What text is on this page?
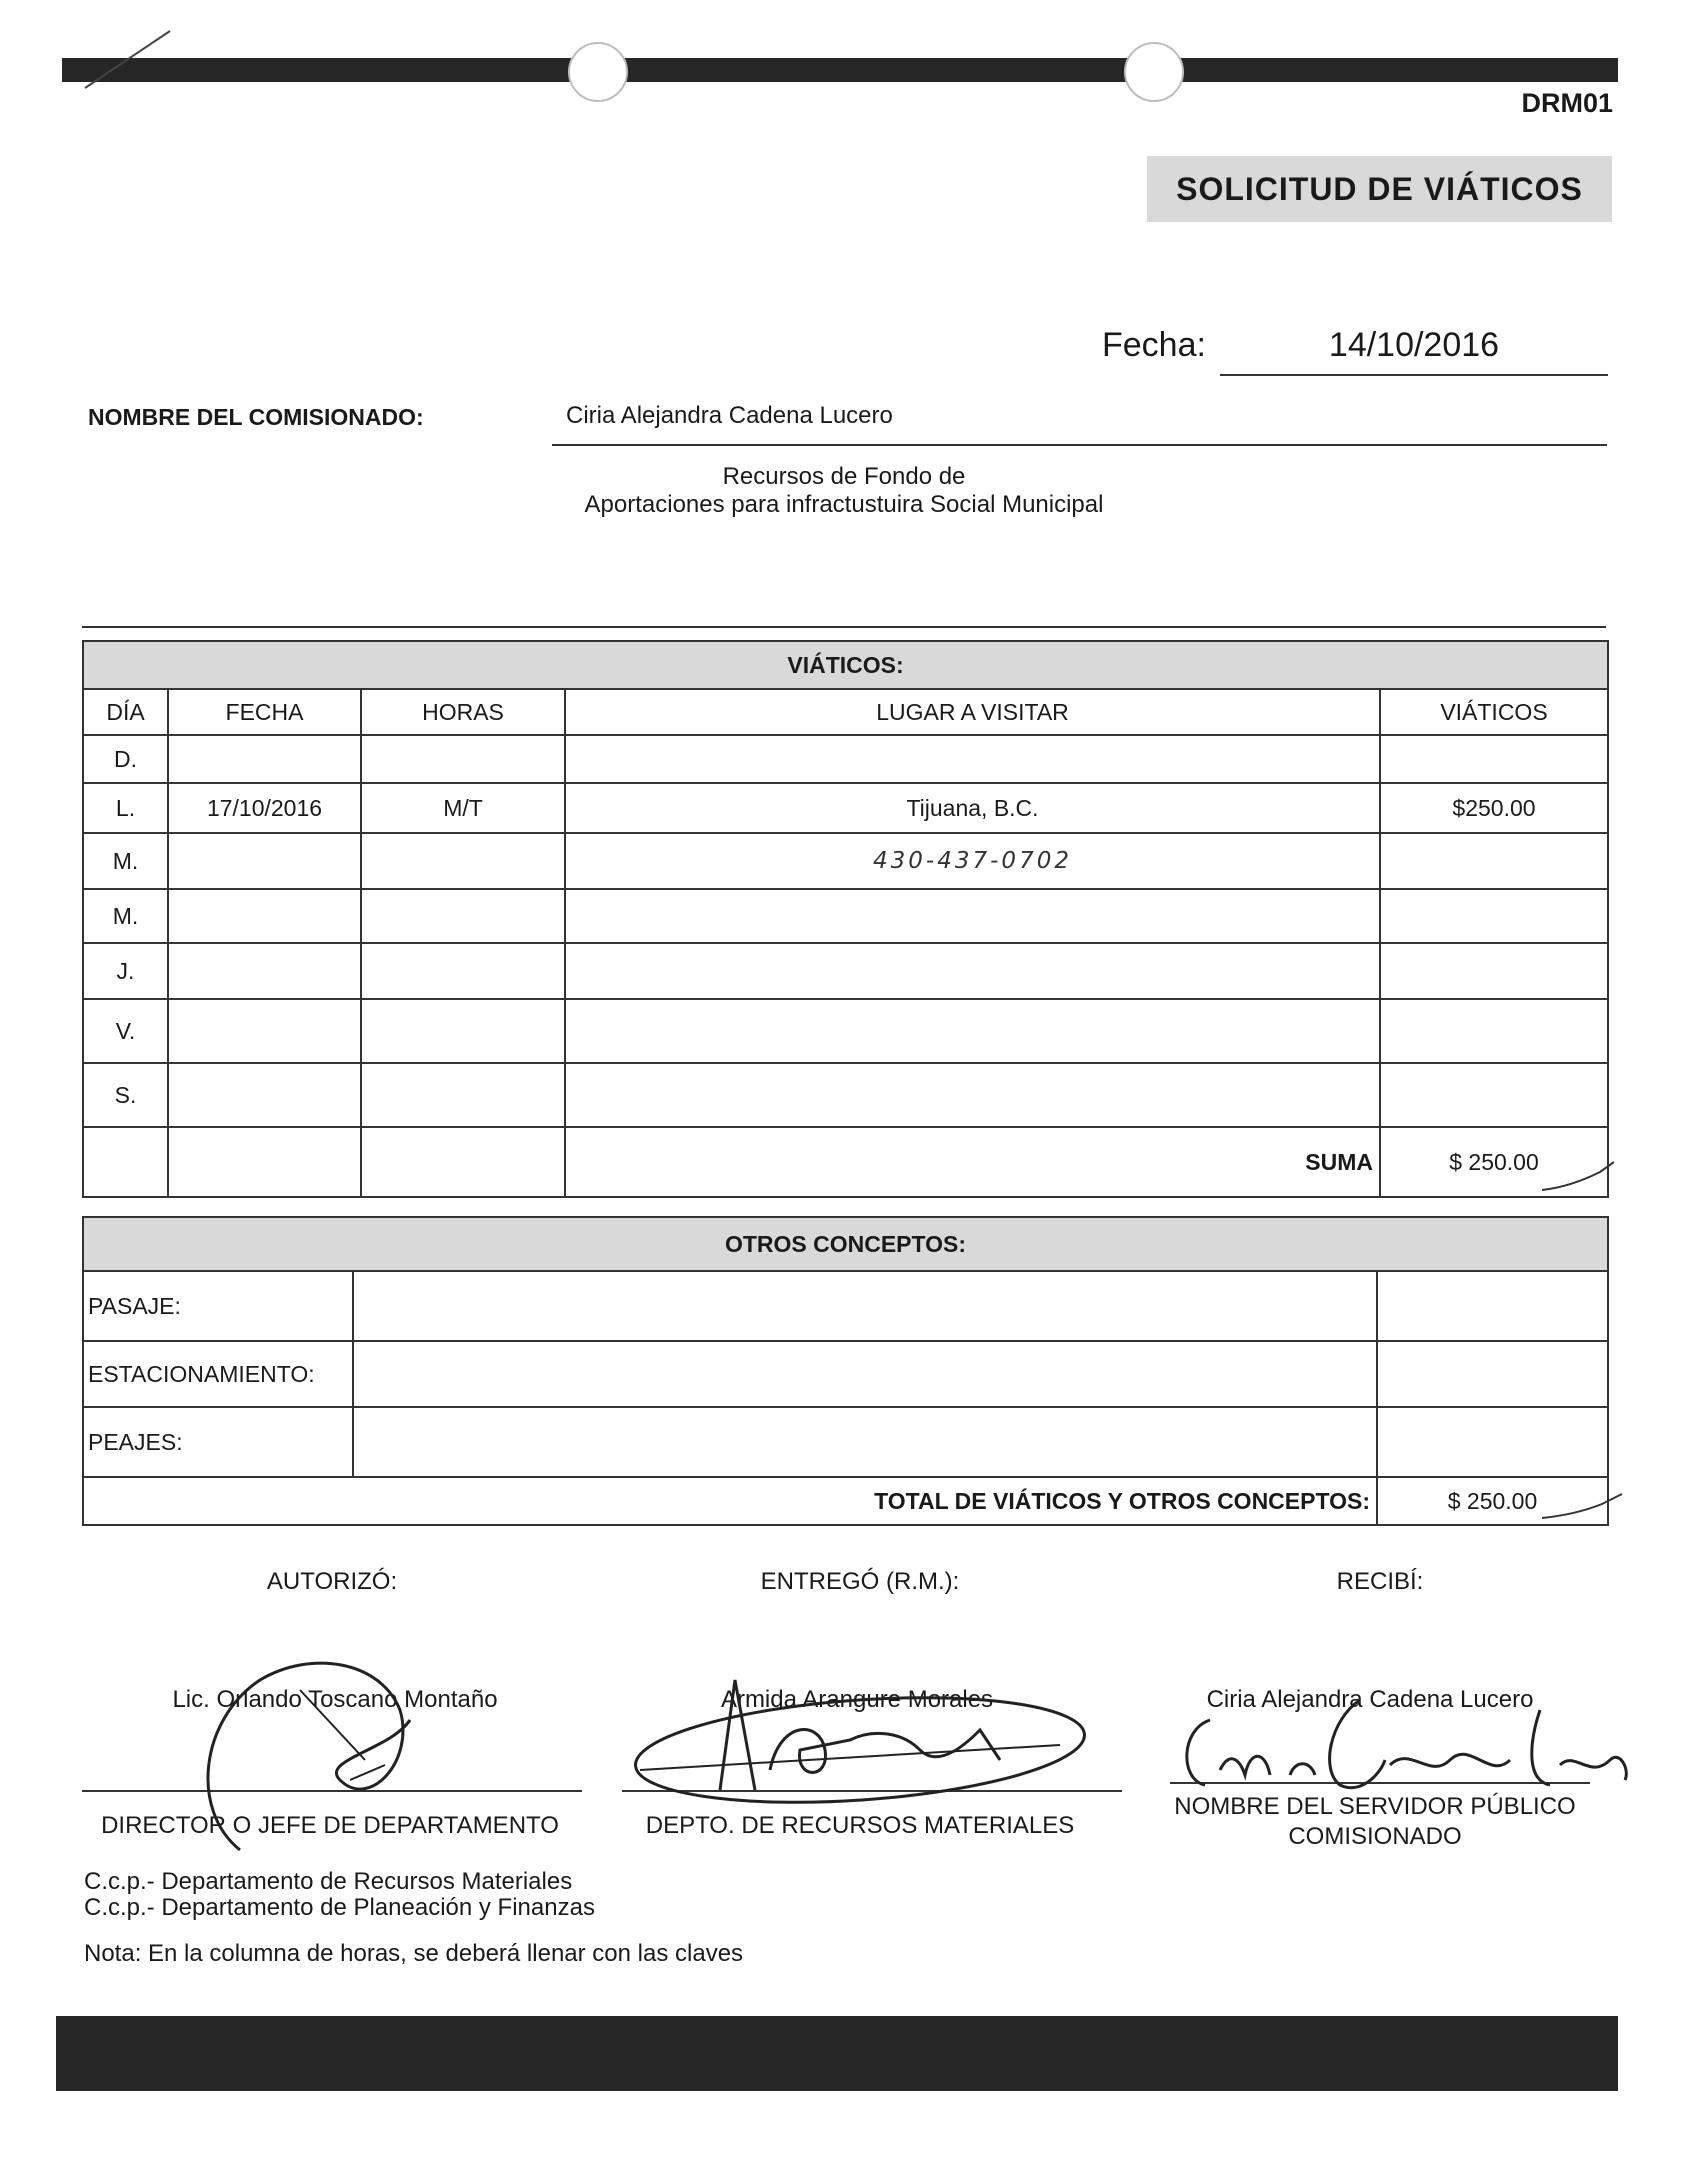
DRM01
SOLICITUD DE VIÁTICOS
Fecha:	14/10/2016
NOMBRE DEL COMISIONADO:	Ciria Alejandra Cadena Lucero
Recursos de Fondo de
Aportaciones para infractustuira Social Municipal
VIÁTICOS:				
DÍA	FECHA	HORAS	LUGAR A VISITAR	VIÁTICOS
D.				
L.	17/10/2016	M/T	Tijuana, B.C.	$250.00
M.			430-437-0702	
M.				
J.				
V.				
S.				
			SUMA	$ 250.00
OTROS CONCEPTOS:		
PASAJE:		
ESTACIONAMIENTO:		
PEAJES:		
TOTAL DE VIÁTICOS Y OTROS CONCEPTOS:		$ 250.00
AUTORIZÓ:	ENTREGÓ (R.M.):	RECIBÍ:
Lic. Orlando Toscano Montaño	Armida Arangure Morales	Ciria Alejandra Cadena Lucero
DIRECTOR O JEFE DE DEPARTAMENTO	DEPTO. DE RECURSOS MATERIALES
NOMBRE DEL SERVIDOR PÚBLICO
COMISIONADO
C.c.p.- Departamento de Recursos Materiales
C.c.p.- Departamento de Planeación y Finanzas
Nota: En la columna de horas, se deberá llenar con las claves
